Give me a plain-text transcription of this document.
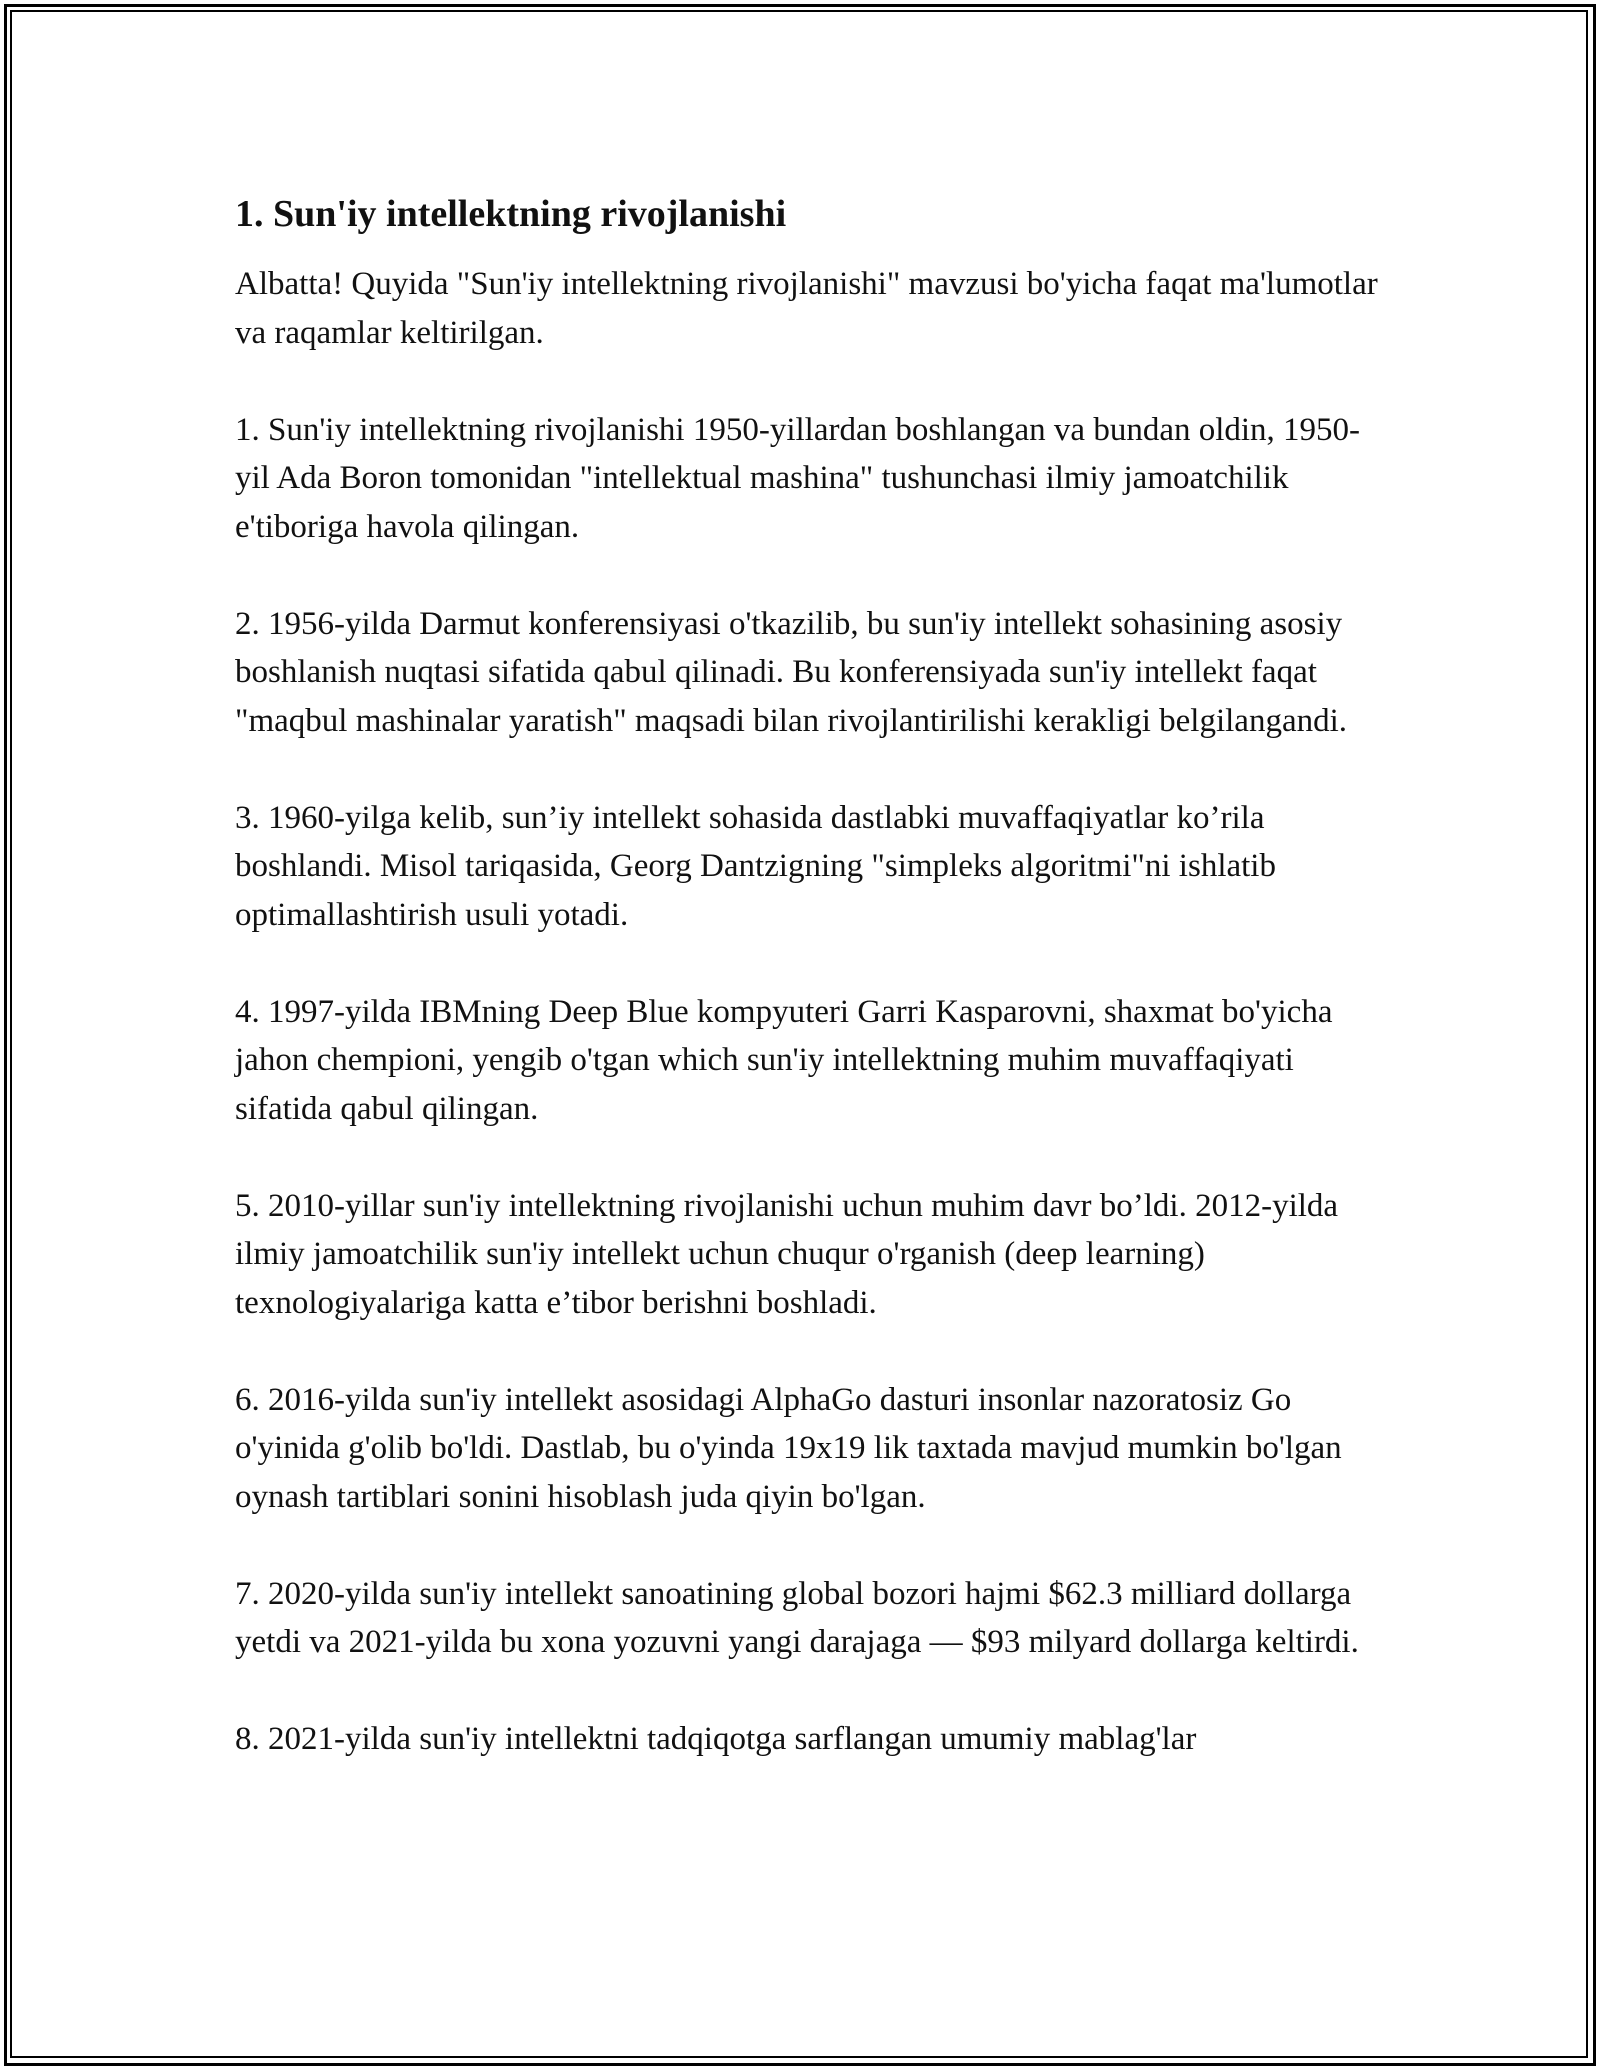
1. Sun'iy intellektning rivojlanishi

Albatta! Quyida "Sun'iy intellektning rivojlanishi" mavzusi bo'yicha faqat ma'lumotlar va raqamlar keltirilgan.

1. Sun'iy intellektning rivojlanishi 1950-yillardan boshlangan va bundan oldin, 1950-yil Ada Boron tomonidan "intellektual mashina" tushunchasi ilmiy jamoatchilik e'tiboriga havola qilingan.

2. 1956-yilda Darmut konferensiyasi o'tkazilib, bu sun'iy intellekt sohasining asosiy boshlanish nuqtasi sifatida qabul qilinadi. Bu konferensiyada sun'iy intellekt faqat "maqbul mashinalar yaratish" maqsadi bilan rivojlantirilishi kerakligi belgilangandi.

3. 1960-yilga kelib, sun’iy intellekt sohasida dastlabki muvaffaqiyatlar ko’rila boshlandi. Misol tariqasida, Georg Dantzigning "simpleks algoritmi"ni ishlatib optimallashtirish usuli yotadi.

4. 1997-yilda IBMning Deep Blue kompyuteri Garri Kasparovni, shaxmat bo'yicha jahon chempioni, yengib o'tgan which sun'iy intellektning muhim muvaffaqiyati sifatida qabul qilingan.

5. 2010-yillar sun'iy intellektning rivojlanishi uchun muhim davr bo’ldi. 2012-yilda ilmiy jamoatchilik sun'iy intellekt uchun chuqur o'rganish (deep learning) texnologiyalariga katta e’tibor berishni boshladi.

6. 2016-yilda sun'iy intellekt asosidagi AlphaGo dasturi insonlar nazoratosiz Go o'yinida g'olib bo'ldi. Dastlab, bu o'yinda 19x19 lik taxtada mavjud mumkin bo'lgan oynash tartiblari sonini hisoblash juda qiyin bo'lgan.

7. 2020-yilda sun'iy intellekt sanoatining global bozori hajmi $62.3 milliard dollarga yetdi va 2021-yilda bu xona yozuvni yangi darajaga — $93 milyard dollarga keltirdi.

8. 2021-yilda sun'iy intellektni tadqiqotga sarflangan umumiy mablag'lar
